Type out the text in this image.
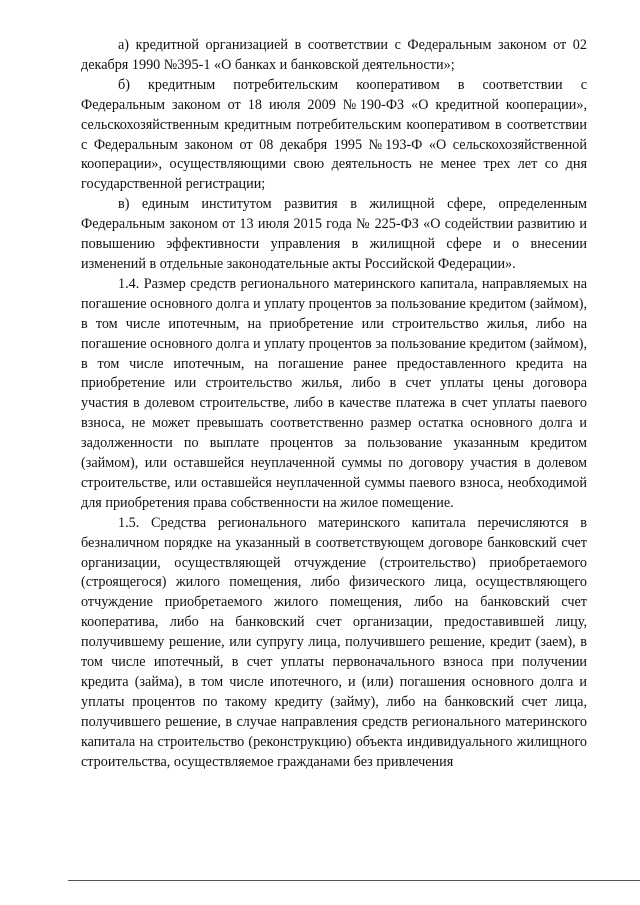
а) кредитной организацией в соответствии с Федеральным законом от 02 декабря 1990 №395-1 «О банках и банковской деятельности»;

б) кредитным потребительским кооперативом в соответствии с Федеральным законом от 18 июля 2009 №190-ФЗ «О кредитной кооперации», сельскохозяйственным кредитным потребительским кооперативом в соответствии с Федеральным законом от 08 декабря 1995 №193-Ф «О сельскохозяйственной кооперации», осуществляющими свою деятельность не менее трех лет со дня государственной регистрации;

в) единым институтом развития в жилищной сфере, определенным Федеральным законом от 13 июля 2015 года № 225-ФЗ «О содействии развитию и повышению эффективности управления в жилищной сфере и о внесении изменений в отдельные законодательные акты Российской Федерации».

1.4. Размер средств регионального материнского капитала, направляемых на погашение основного долга и уплату процентов за пользование кредитом (займом), в том числе ипотечным, на приобретение или строительство жилья, либо на погашение основного долга и уплату процентов за пользование кредитом (займом), в том числе ипотечным, на погашение ранее предоставленного кредита на приобретение или строительство жилья, либо в счет уплаты цены договора участия в долевом строительстве, либо в качестве платежа в счет уплаты паевого взноса, не может превышать соответственно размер остатка основного долга и задолженности по выплате процентов за пользование указанным кредитом (займом), или оставшейся неуплаченной суммы по договору участия в долевом строительстве, или оставшейся неуплаченной суммы паевого взноса, необходимой для приобретения права собственности на жилое помещение.

1.5. Средства регионального материнского капитала перечисляются в безналичном порядке на указанный в соответствующем договоре банковский счет организации, осуществляющей отчуждение (строительство) приобретаемого (строящегося) жилого помещения, либо физического лица, осуществляющего отчуждение приобретаемого жилого помещения, либо на банковский счет кооператива, либо на банковский счет организации, предоставившей лицу, получившему решение, или супругу лица, получившего решение, кредит (заем), в том числе ипотечный, в счет уплаты первоначального взноса при получении кредита (займа), в том числе ипотечного, и (или) погашения основного долга и уплаты процентов по такому кредиту (займу), либо на банковский счет лица, получившего решение, в случае направления средств регионального материнского капитала на строительство (реконструкцию) объекта индивидуального жилищного строительства, осуществляемое гражданами без привлечения
